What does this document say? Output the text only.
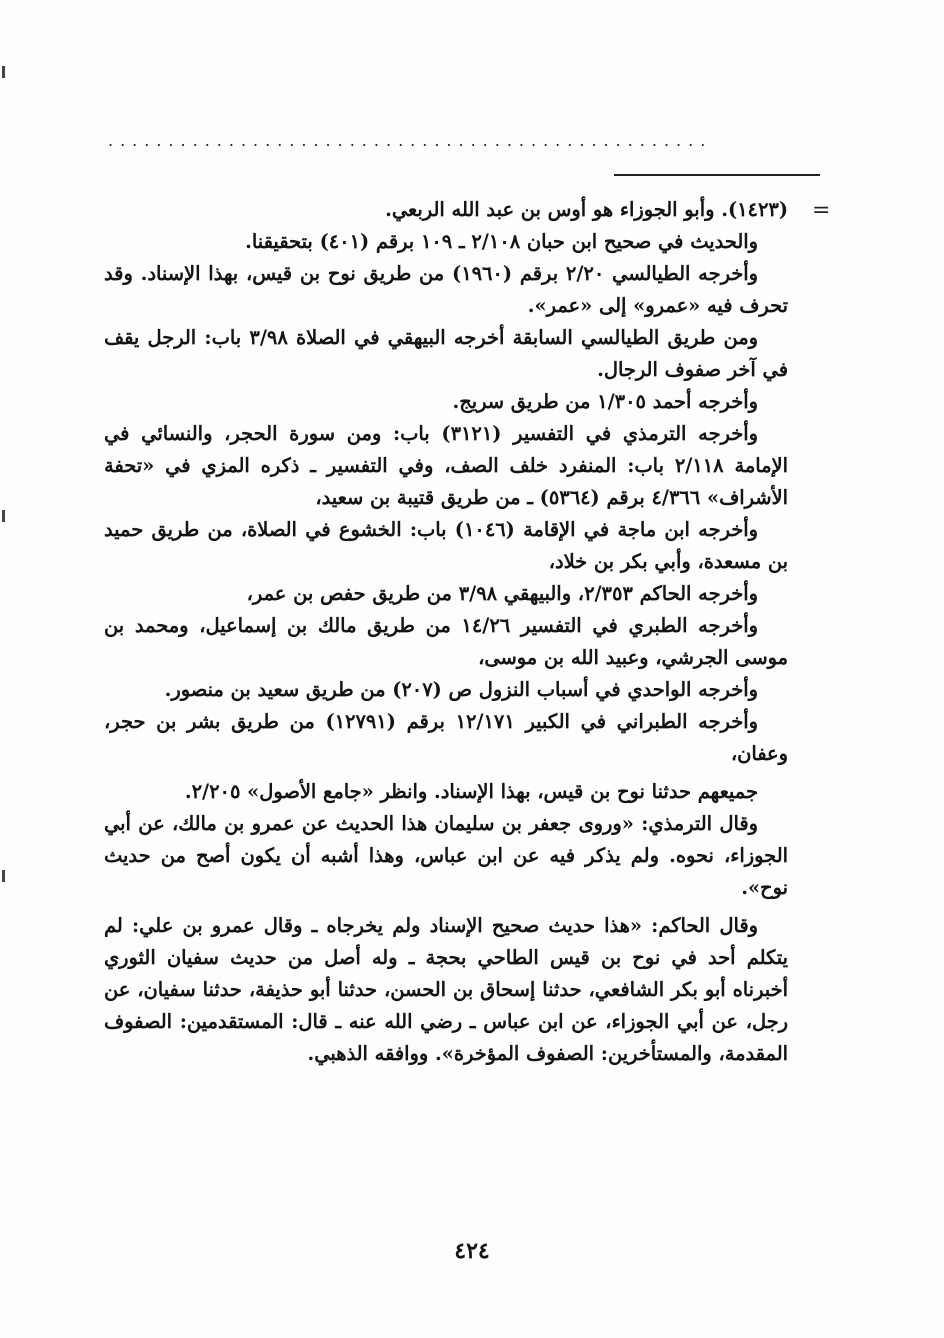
..................................................
=

(١٤٢٣). وأبو الجوزاء هو أوس بن عبد الله الربعي.

والحديث في صحيح ابن حبان ٢/١٠٨ ـ ١٠٩ برقم (٤٠١) بتحقيقنا.

وأخرجه الطيالسي ٢/٢٠ برقم (١٩٦٠) من طريق نوح بن قيس، بهذا الإسناد. وقد تحرف فيه «عمرو» إلى «عمر».

ومن طريق الطيالسي السابقة أخرجه البيهقي في الصلاة ٣/٩٨ باب: الرجل يقف في آخر صفوف الرجال.

وأخرجه أحمد ١/٣٠٥ من طريق سريج.

وأخرجه الترمذي في التفسير (٣١٢١) باب: ومن سورة الحجر، والنسائي في الإمامة ٢/١١٨ باب: المنفرد خلف الصف، وفي التفسير ـ ذكره المزي في «تحفة الأشراف» ٤/٣٦٦ برقم (٥٣٦٤) ـ من طريق قتيبة بن سعيد،

وأخرجه ابن ماجة في الإقامة (١٠٤٦) باب: الخشوع في الصلاة، من طريق حميد بن مسعدة، وأبي بكر بن خلاد،

وأخرجه الحاكم ٢/٣٥٣، والبيهقي ٣/٩٨ من طريق حفص بن عمر،

وأخرجه الطبري في التفسير ١٤/٢٦ من طريق مالك بن إسماعيل، ومحمد بن موسى الجرشي، وعبيد الله بن موسى،

وأخرجه الواحدي في أسباب النزول ص (٢٠٧) من طريق سعيد بن منصور.

وأخرجه الطبراني في الكبير ١٢/١٧١ برقم (١٢٧٩١) من طريق بشر بن حجر، وعفان،

جميعهم حدثنا نوح بن قيس، بهذا الإسناد. وانظر «جامع الأصول» ٢/٢٠٥.

وقال الترمذي: «وروى جعفر بن سليمان هذا الحديث عن عمرو بن مالك، عن أبي الجوزاء، نحوه. ولم يذكر فيه عن ابن عباس، وهذا أشبه أن يكون أصح من حديث نوح».

وقال الحاكم: «هذا حديث صحيح الإسناد ولم يخرجاه ـ وقال عمرو بن علي: لم يتكلم أحد في نوح بن قيس الطاحي بحجة ـ وله أصل من حديث سفيان الثوري أخبرناه أبو بكر الشافعي، حدثنا إسحاق بن الحسن، حدثنا أبو حذيفة، حدثنا سفيان، عن رجل، عن أبي الجوزاء، عن ابن عباس ـ رضي الله عنه ـ قال: المستقدمين: الصفوف المقدمة، والمستأخرين: الصفوف المؤخرة». ووافقه الذهبي.

٤٢٤
